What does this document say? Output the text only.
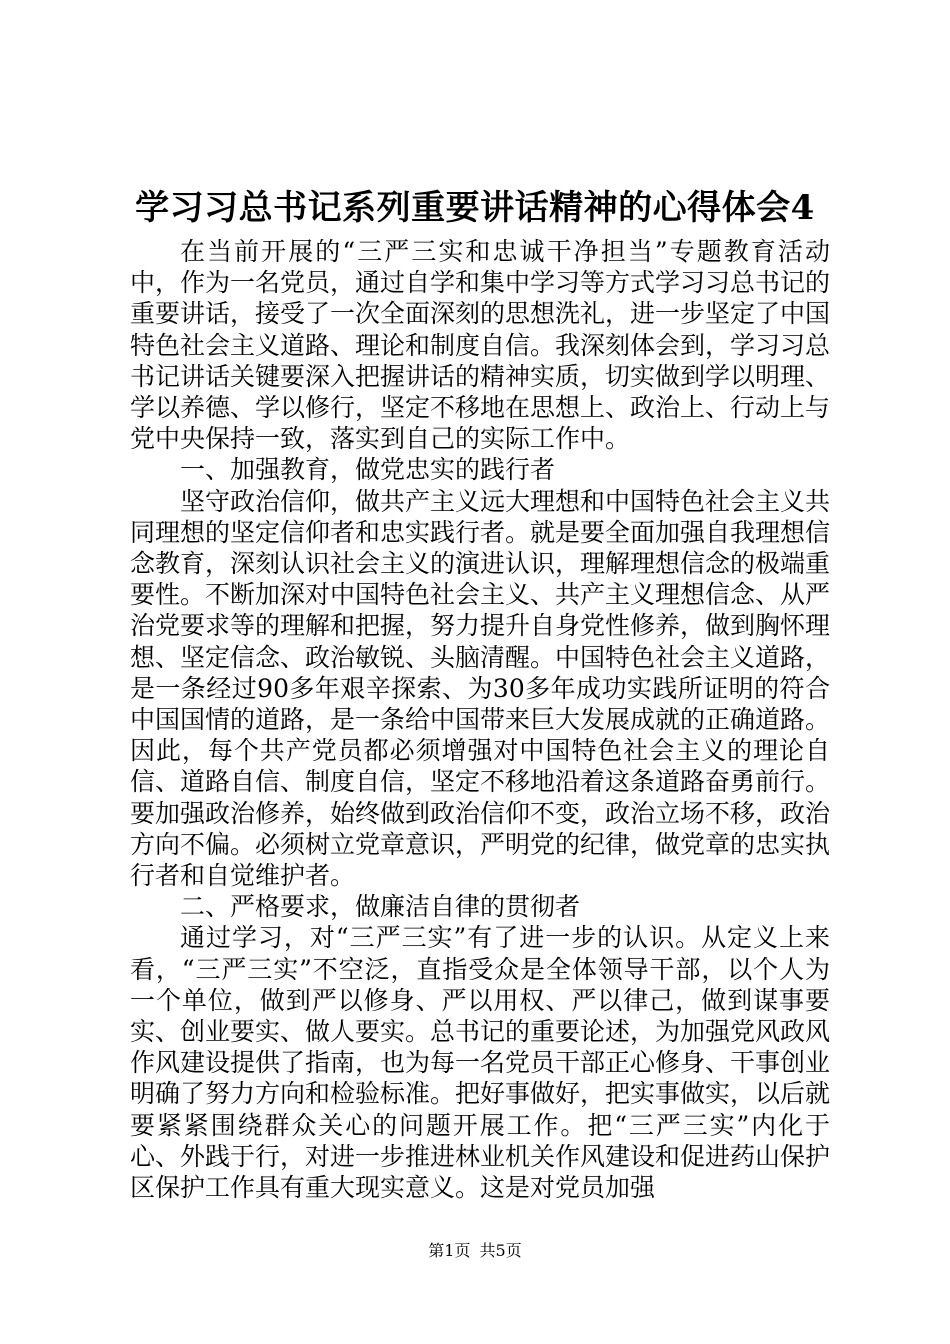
学习习总书记系列重要讲话精神的心得体会4

在当前开展的“三严三实和忠诚干净担当”专题教育活动中，作为一名党员，通过自学和集中学习等方式学习习总书记的重要讲话，接受了一次全面深刻的思想洗礼，进一步坚定了中国特色社会主义道路、理论和制度自信。我深刻体会到，学习习总书记讲话关键要深入把握讲话的精神实质，切实做到学以明理、学以养德、学以修行，坚定不移地在思想上、政治上、行动上与党中央保持一致，落实到自己的实际工作中。

一、加强教育，做党忠实的践行者

坚守政治信仰，做共产主义远大理想和中国特色社会主义共同理想的坚定信仰者和忠实践行者。就是要全面加强自我理想信念教育，深刻认识社会主义的演进认识，理解理想信念的极端重要性。不断加深对中国特色社会主义、共产主义理想信念、从严治党要求等的理解和把握，努力提升自身党性修养，做到胸怀理想、坚定信念、政治敏锐、头脑清醒。中国特色社会主义道路，是一条经过90多年艰辛探索、为30多年成功实践所证明的符合中国国情的道路，是一条给中国带来巨大发展成就的正确道路。因此，每个共产党员都必须增强对中国特色社会主义的理论自信、道路自信、制度自信，坚定不移地沿着这条道路奋勇前行。要加强政治修养，始终做到政治信仰不变，政治立场不移，政治方向不偏。必须树立党章意识，严明党的纪律，做党章的忠实执行者和自觉维护者。

二、严格要求，做廉洁自律的贯彻者

通过学习，对“三严三实”有了进一步的认识。从定义上来看，“三严三实”不空泛，直指受众是全体领导干部，以个人为一个单位，做到严以修身、严以用权、严以律己，做到谋事要实、创业要实、做人要实。总书记的重要论述，为加强党风政风作风建设提供了指南，也为每一名党员干部正心修身、干事创业明确了努力方向和检验标准。把好事做好，把实事做实，以后就要紧紧围绕群众关心的问题开展工作。把“三严三实”内化于心、外践于行，对进一步推进林业机关作风建设和促进药山保护区保护工作具有重大现实意义。这是对党员加强

第1页 共5页
